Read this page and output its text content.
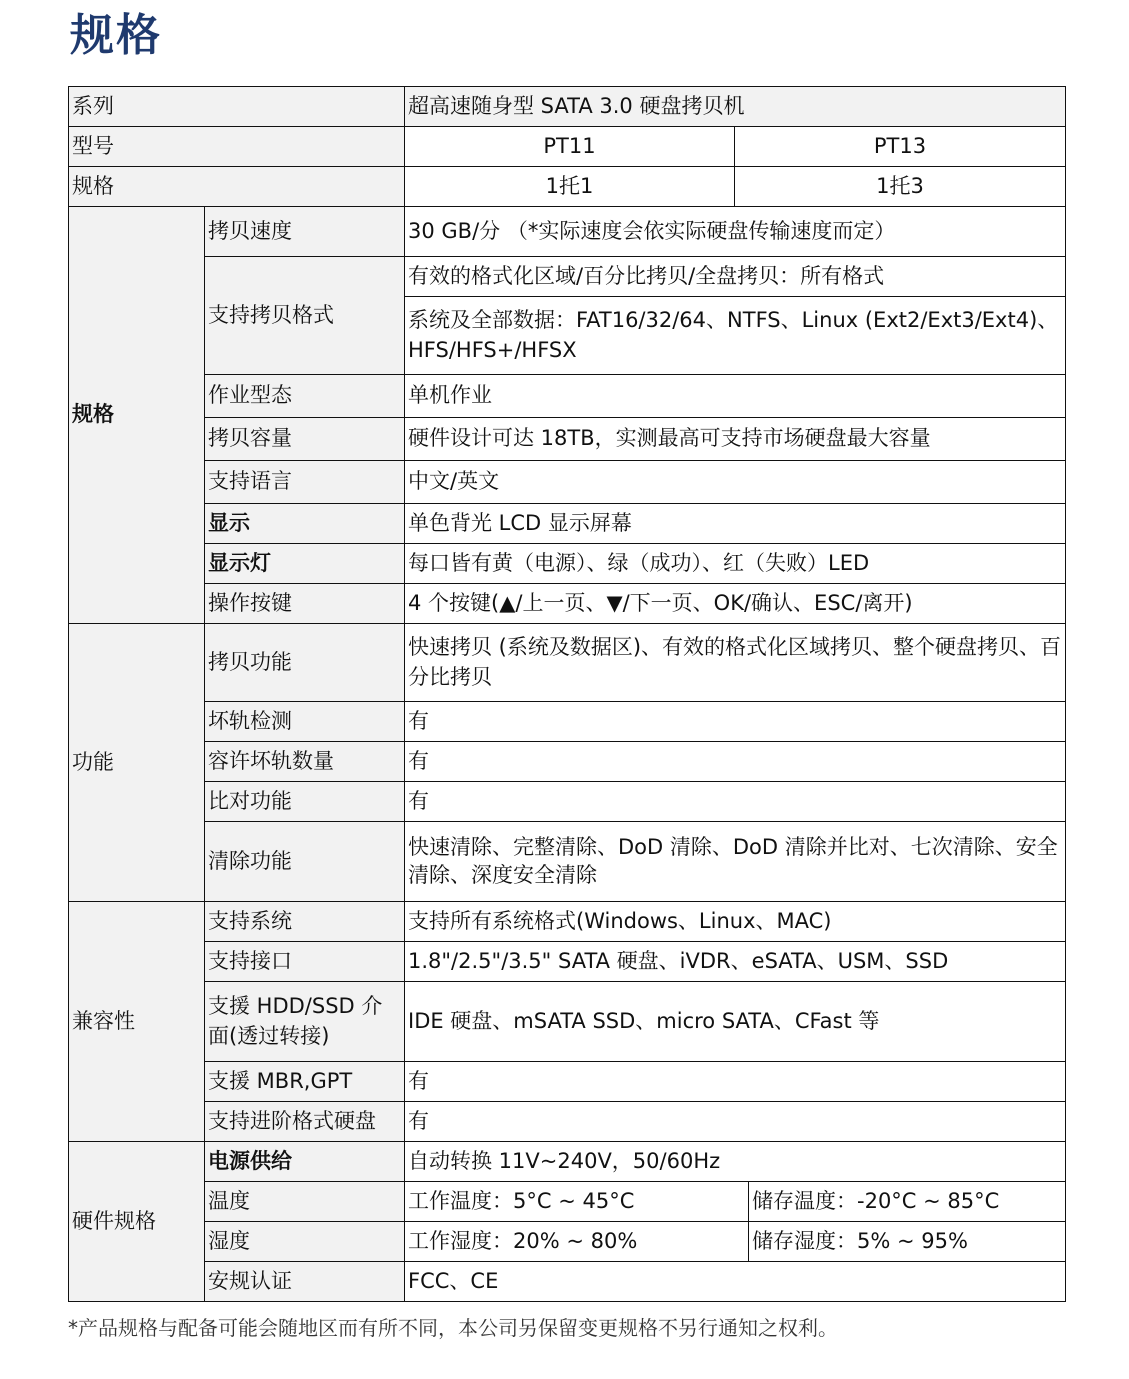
规格
系列		超高速随身型 SATA 3.0 硬盘拷贝机		
型号		PT11	PT13	
规格		1托1	1托3	
规格	拷贝速度	30 GB/分 （*实际速度会依实际硬盘传输速度而定）		
	支持拷贝格式	有效的格式化区域/百分比拷贝/全盘拷贝：所有格式		
		系统及全部数据：FAT16/32/64、NTFS、Linux (Ext2/Ext3/Ext4)、HFS/HFS+/HFSX		
	作业型态	单机作业		
	拷贝容量	硬件设计可达 18TB，实测最高可支持市场硬盘最大容量		
	支持语言	中文/英文		
	显示	单色背光 LCD 显示屏幕		
	显示灯	每口皆有黄（电源）、绿（成功）、红（失败）LED		
	操作按键	4 个按键(▲/上一页、▼/下一页、OK/确认、ESC/离开)		
功能	拷贝功能	快速拷贝 (系统及数据区)、有效的格式化区域拷贝、整个硬盘拷贝、百分比拷贝		
	坏轨检测	有		
	容许坏轨数量	有		
	比对功能	有		
	清除功能	快速清除、完整清除、DoD 清除、DoD 清除并比对、七次清除、安全清除、深度安全清除		
兼容性	支持系统	支持所有系统格式(Windows、Linux、MAC)		
	支持接口	1.8"/2.5"/3.5" SATA 硬盘、iVDR、eSATA、USM、SSD		
	支援 HDD/SSD 介面(透过转接)	IDE 硬盘、mSATA SSD、micro SATA、CFast 等		
	支援 MBR,GPT	有		
	支持进阶格式硬盘	有		
硬件规格	电源供给	自动转换 11V~240V，50/60Hz		
	温度	工作温度：5°C ~ 45°C		储存温度：-20°C ~ 85°C
	湿度	工作湿度：20% ~ 80%		储存湿度：5% ~ 95%
	安规认证	FCC、CE		
*产品规格与配备可能会随地区而有所不同，本公司另保留变更规格不另行通知之权利。
